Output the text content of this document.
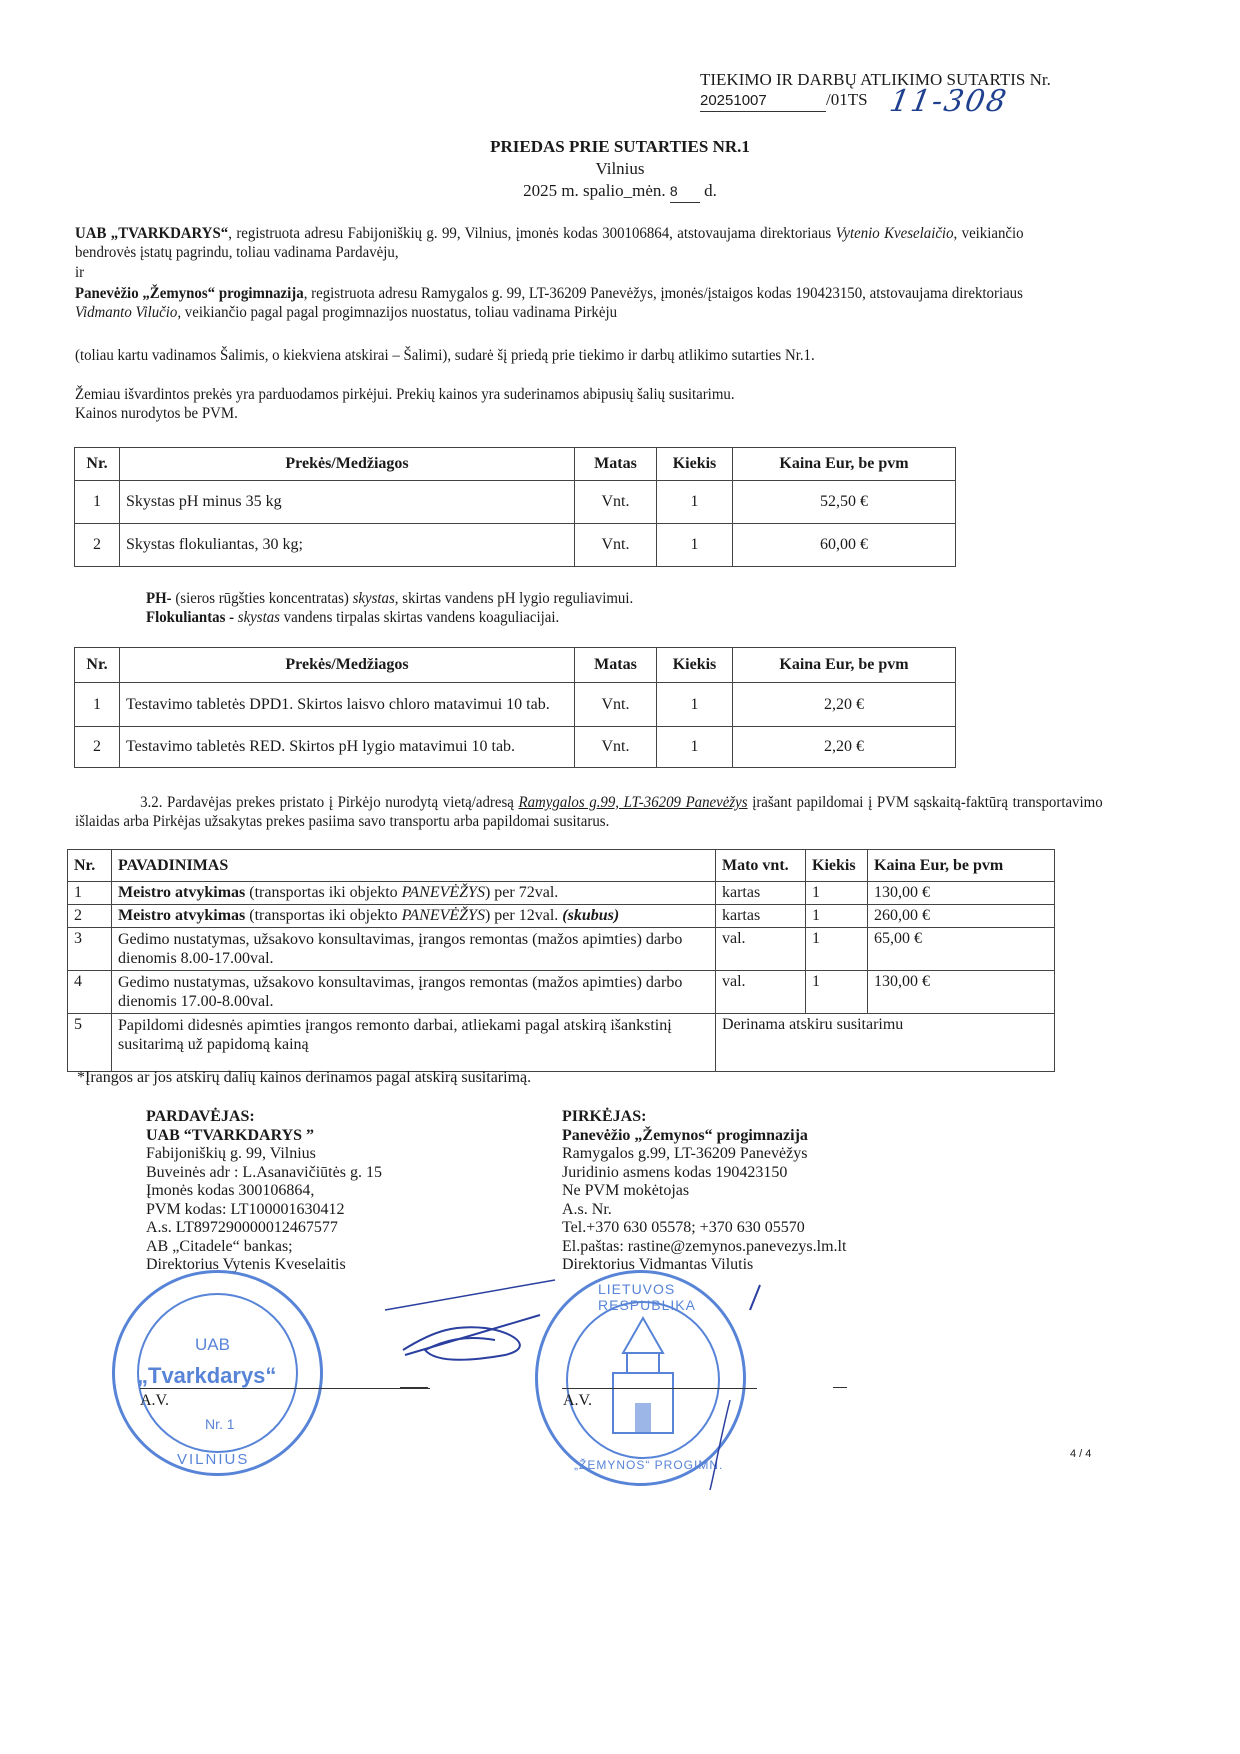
TIEKIMO IR DARBŲ ATLIKIMO SUTARTIS Nr.
20251007	/01TS 11-308
PRIEDAS PRIE SUTARTIES NR.1
Vilnius
2025 m. spalio_mėn. 8 d.
UAB „TVARKDARYS“, registruota adresu Fabijoniškių g. 99, Vilnius, įmonės kodas 300106864, atstovaujama direktoriaus Vytenio Kveselaičio, veikiančio bendrovės įstatų pagrindu, toliau vadinama Pardavėju,
ir
Panevėžio „Žemynos“ progimnazija, registruota adresu Ramygalos g. 99, LT-36209 Panevėžys, įmonės/įstaigos kodas 190423150, atstovaujama direktoriaus Vidmanto Vilučio, veikiančio pagal pagal progimnazijos nuostatus, toliau vadinama Pirkėju
(toliau kartu vadinamos Šalimis, o kiekviena atskirai – Šalimi), sudarė šį priedą prie tiekimo ir darbų atlikimo sutarties Nr.1.
Žemiau išvardintos prekės yra parduodamos pirkėjui. Prekių kainos yra suderinamos abipusių šalių susitarimu.
Kainos nurodytos be PVM.
Nr.	Prekės/Medžiagos	Matas	Kiekis	Kaina Eur, be pvm
1	Skystas pH minus 35 kg	Vnt.	1	52,50 €
2	Skystas flokuliantas, 30 kg;	Vnt.	1	60,00 €
PH- (sieros rūgšties koncentratas) skystas, skirtas vandens pH lygio reguliavimui.
Flokuliantas - skystas vandens tirpalas skirtas vandens koaguliacijai.
Nr.	Prekės/Medžiagos	Matas	Kiekis	Kaina Eur, be pvm
1	Testavimo tabletės DPD1. Skirtos laisvo chloro matavimui 10 tab.	Vnt.	1	2,20 €
2	Testavimo tabletės RED. Skirtos pH lygio matavimui 10 tab.	Vnt.	1	2,20 €
3.2. Pardavėjas prekes pristato į Pirkėjo nurodytą vietą/adresą Ramygalos g.99, LT-36209 Panevėžys įrašant papildomai į PVM sąskaitą-faktūrą transportavimo išlaidas arba Pirkėjas užsakytas prekes pasiima savo transportu arba papildomai susitarus.
Nr.	PAVADINIMAS	Mato vnt.	Kiekis	Kaina Eur, be pvm
1	Meistro atvykimas (transportas iki objekto PANEVĖŽYS) per 72val.	kartas	1	130,00 €
2	Meistro atvykimas (transportas iki objekto PANEVĖŽYS) per 12val. (skubus)	kartas	1	260,00 €
3	Gedimo nustatymas, užsakovo konsultavimas, įrangos remontas (mažos apimties) darbo dienomis 8.00-17.00val.	val.	1	65,00 €
4	Gedimo nustatymas, užsakovo konsultavimas, įrangos remontas (mažos apimties) darbo dienomis 17.00-8.00val.	val.	1	130,00 €
5	Papildomi didesnės apimties įrangos remonto darbai, atliekami pagal atskirą išankstinį susitarimą už papidomą kainą	Derinama atskiru susitarimu		
*Įrangos ar jos atskirų dalių kainos derinamos pagal atskirą susitarimą.
PARDAVĖJAS:
UAB “TVARKDARYS ”
Fabijoniškių g. 99, Vilnius
Buveinės adr : L.Asanavičiūtės g. 15
Įmonės kodas 300106864,
PVM kodas: LT100001630412
A.s. LT897290000012467577
AB „Citadele“ bankas;
Direktorius Vytenis Kveselaitis
PIRKĖJAS:
Panevėžio „Žemynos“ progimnazija
Ramygalos g.99, LT-36209 Panevėžys
Juridinio asmens kodas 190423150
Ne PVM mokėtojas
A.s. Nr.
Tel.+370 630 05578; +370 630 05570
El.paštas: rastine@zemynos.panevezys.lm.lt
Direktorius Vidmantas Vilutis
UAB
„Tvarkdarys“
Nr. 1
VILNIUS
A.V.
LIETUVOS RESPUBLIKA
„ŽEMYNOS“ PROGIMN.
A.V.
4 / 4
